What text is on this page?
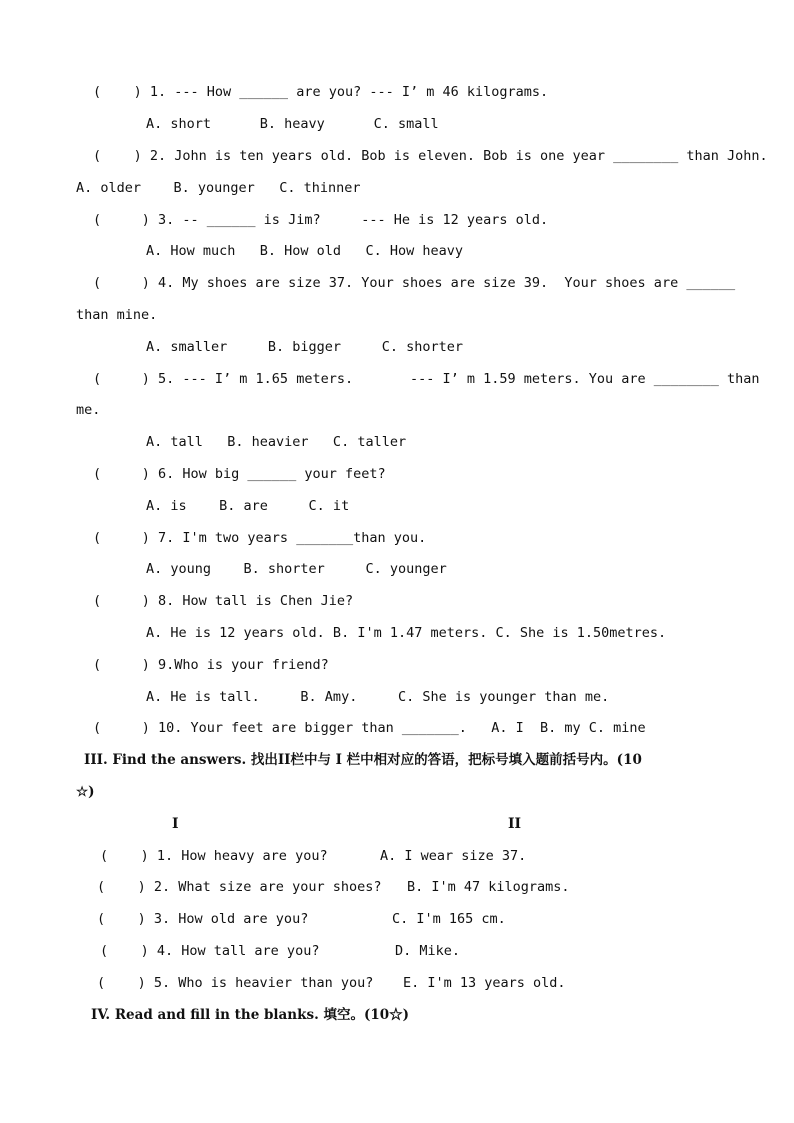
(    ) 1. --- How ______ are you? --- I’ m 46 kilograms.
A. short      B. heavy      C. small
(    ) 2. John is ten years old. Bob is eleven. Bob is one year ________ than John.
A. older    B. younger   C. thinner
(     ) 3. -- ______ is Jim?     --- He is 12 years old.
A. How much   B. How old   C. How heavy
(     ) 4. My shoes are size 37. Your shoes are size 39.  Your shoes are ______
than mine.
A. smaller     B. bigger     C. shorter
(     ) 5. --- I’ m 1.65 meters.       --- I’ m 1.59 meters. You are ________ than
me.
A. tall   B. heavier   C. taller
(     ) 6. How big ______ your feet?
A. is    B. are     C. it
(     ) 7. I'm two years _______than you.
A. young    B. shorter     C. younger
(     ) 8. How tall is Chen Jie?
A. He is 12 years old. B. I'm 1.47 meters. C. She is 1.50metres.
(     ) 9.Who is your friend?
A. He is tall.     B. Amy.     C. She is younger than me.
(     ) 10. Your feet are bigger than _______.   A. I  B. my C. mine
III. Find the answers. 找出II栏中与 I 栏中相对应的答语，把标号填入题前括号内。(10
☆)
I	II
(    ) 1. How heavy are you?	A. I wear size 37.
(    ) 2. What size are your shoes? B. I'm 47 kilograms.
(    ) 3. How old are you?	C. I'm 165 cm.
(    ) 4. How tall are you?	D. Mike.
(    ) 5. Who is heavier than you? E. I'm 13 years old.
IV. Read and fill in the blanks. 填空。(10☆)
